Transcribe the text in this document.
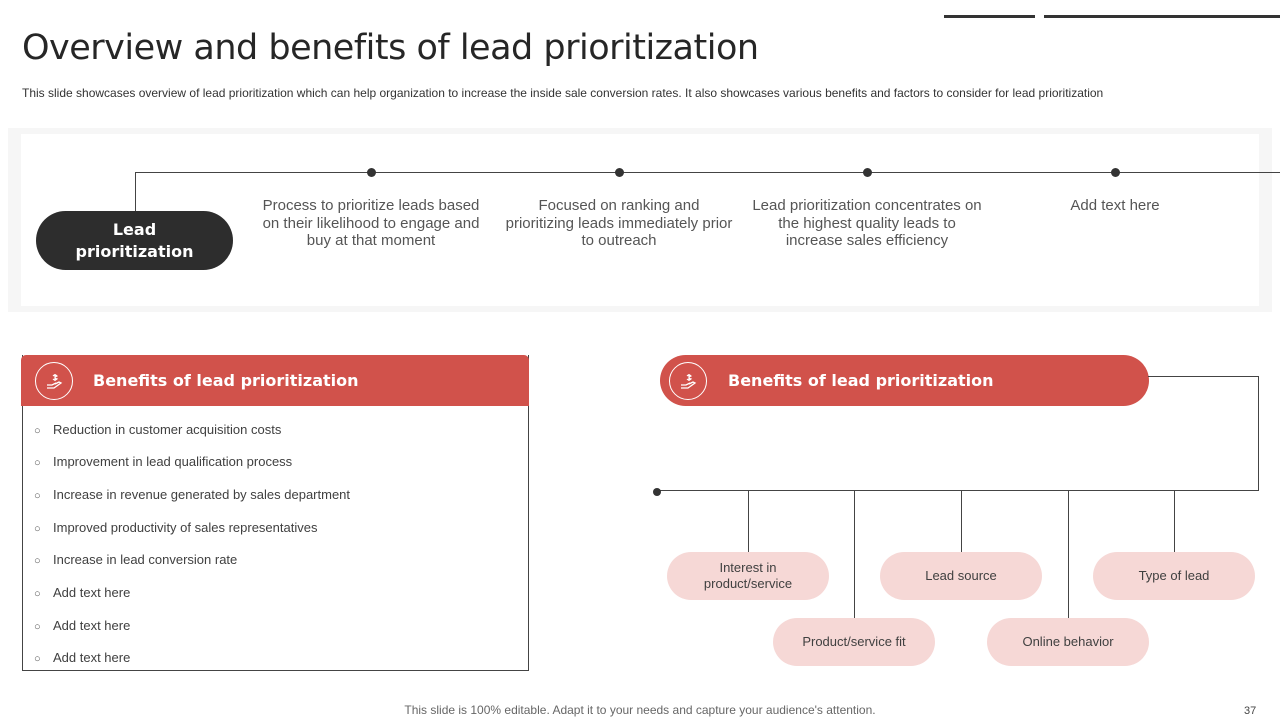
Overview and benefits of lead prioritization
This slide showcases overview of lead prioritization which can help organization to increase the inside sale conversion rates. It also showcases various benefits and factors to consider for lead prioritization
Lead
prioritization
Process to prioritize leads based on their likelihood to engage and buy at that moment
Focused on ranking and prioritizing leads immediately prior to outreach
Lead prioritization concentrates on the highest quality leads to increase sales efficiency
Add text here
Benefits of lead prioritization
○ Reduction in customer acquisition costs
○ Improvement in lead qualification process
○ Increase in revenue generated by sales department
○ Improved productivity of sales representatives
○ Increase in lead conversion rate
○ Add text here
○ Add text here
○ Add text here
Benefits of lead prioritization
Interest in product/service
Lead source	Type of lead
Product/service fit	Online behavior
This slide is 100% editable. Adapt it to your needs and capture your audience's attention.	37
